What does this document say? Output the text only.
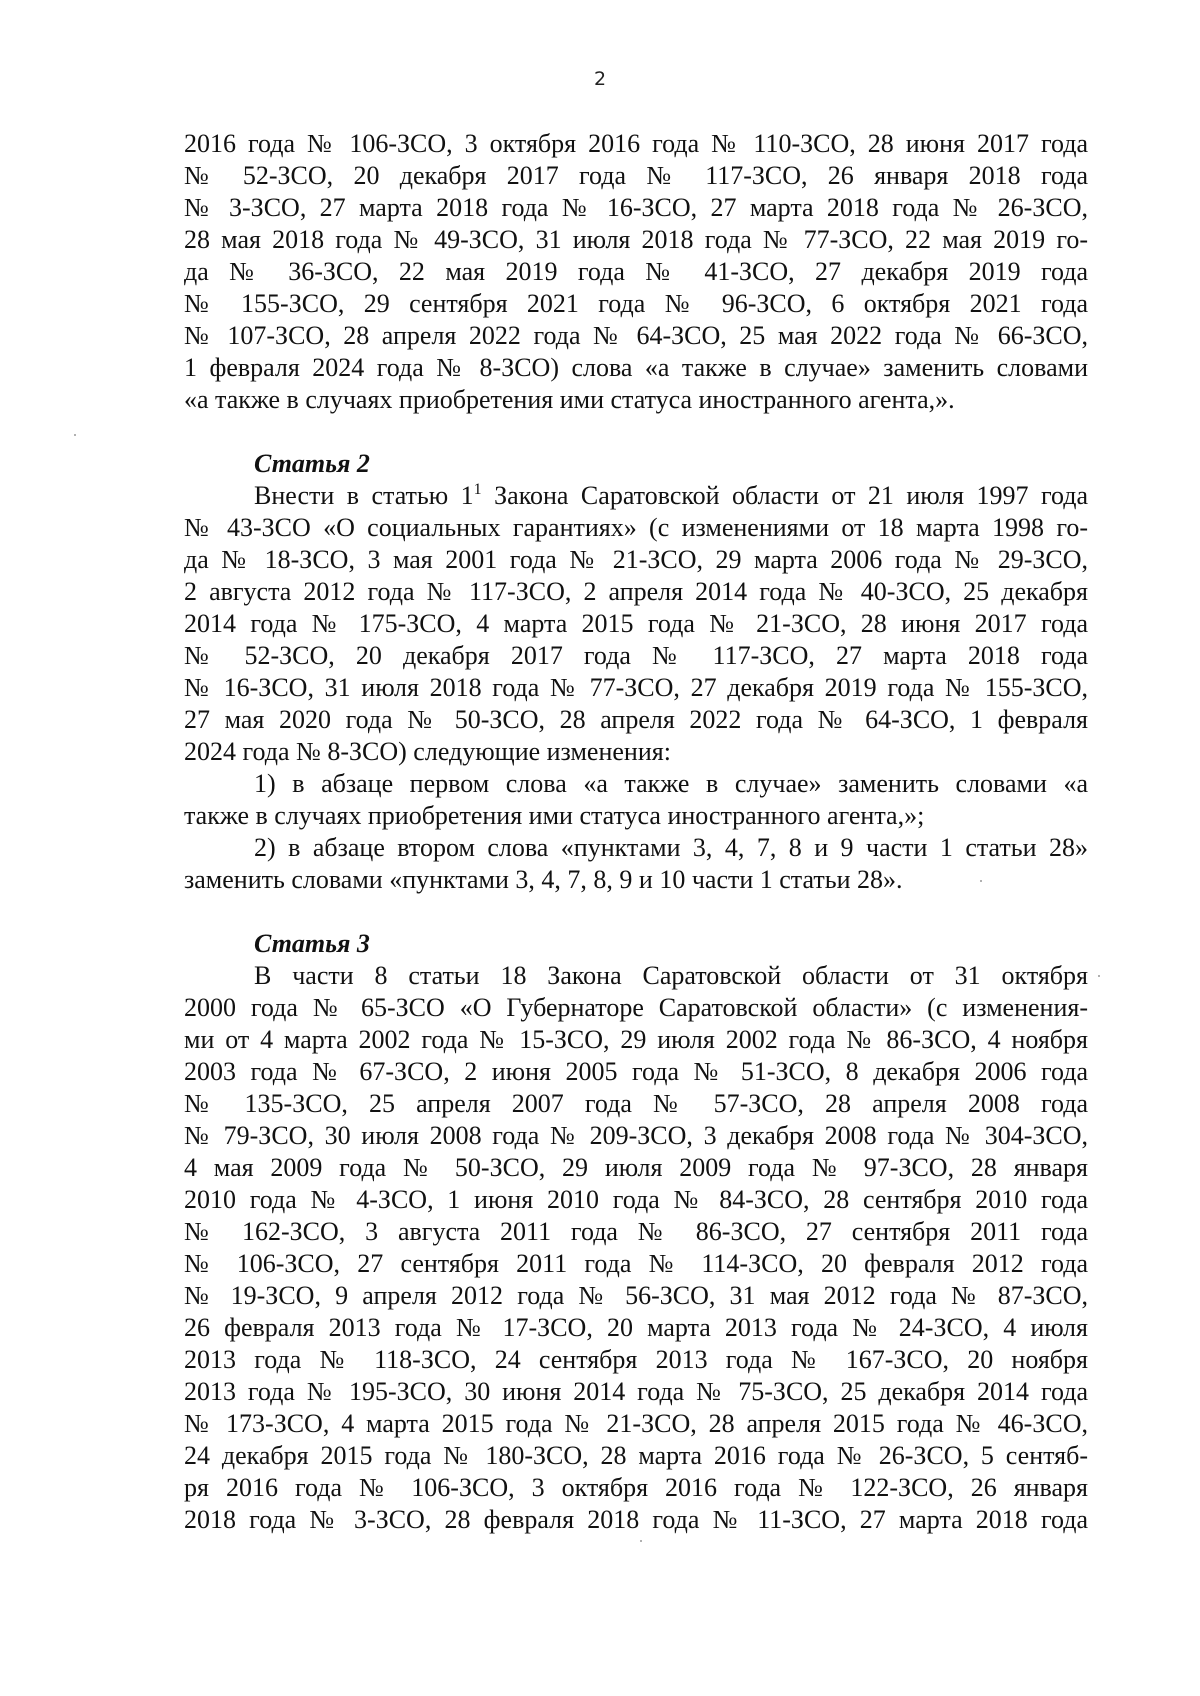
2
2016 года № 106-ЗСО, 3 октября 2016 года № 110-ЗСО, 28 июня 2017 года
№ 52-ЗСО, 20 декабря 2017 года № 117-ЗСО, 26 января 2018 года
№ 3-ЗСО, 27 марта 2018 года № 16-ЗСО, 27 марта 2018 года № 26-ЗСО,
28 мая 2018 года № 49-ЗСО, 31 июля 2018 года № 77-ЗСО, 22 мая 2019 го-
да № 36-ЗСО, 22 мая 2019 года № 41-ЗСО, 27 декабря 2019 года
№ 155-ЗСО, 29 сентября 2021 года № 96-ЗСО, 6 октября 2021 года
№ 107-ЗСО, 28 апреля 2022 года № 64-ЗСО, 25 мая 2022 года № 66-ЗСО,
1 февраля 2024 года № 8-ЗСО) слова «а также в случае» заменить словами
«а также в случаях приобретения ими статуса иностранного агента,».
Статья 2
Внести в статью $1^1$ Закона Саратовской области от 21 июля 1997 года
№ 43-ЗСО «О социальных гарантиях» (с изменениями от 18 марта 1998 го-
да № 18-ЗСО, 3 мая 2001 года № 21-ЗСО, 29 марта 2006 года № 29-ЗСО,
2 августа 2012 года № 117-ЗСО, 2 апреля 2014 года № 40-ЗСО, 25 декабря
2014 года № 175-ЗСО, 4 марта 2015 года № 21-ЗСО, 28 июня 2017 года
№ 52-ЗСО, 20 декабря 2017 года № 117-ЗСО, 27 марта 2018 года
№ 16-ЗСО, 31 июля 2018 года № 77-ЗСО, 27 декабря 2019 года № 155-ЗСО,
27 мая 2020 года № 50-ЗСО, 28 апреля 2022 года № 64-ЗСО, 1 февраля
2024 года № 8-ЗСО) следующие изменения:
1) в абзаце первом слова «а также в случае» заменить словами «а
также в случаях приобретения ими статуса иностранного агента,»;
2) в абзаце втором слова «пунктами 3, 4, 7, 8 и 9 части 1 статьи 28»
заменить словами «пунктами 3, 4, 7, 8, 9 и 10 части 1 статьи 28».
Статья 3
В части 8 статьи 18 Закона Саратовской области от 31 октября
2000 года № 65-ЗСО «О Губернаторе Саратовской области» (с изменения-
ми от 4 марта 2002 года № 15-ЗСО, 29 июля 2002 года № 86-ЗСО, 4 ноября
2003 года № 67-ЗСО, 2 июня 2005 года № 51-ЗСО, 8 декабря 2006 года
№ 135-ЗСО, 25 апреля 2007 года № 57-ЗСО, 28 апреля 2008 года
№ 79-ЗСО, 30 июля 2008 года № 209-ЗСО, 3 декабря 2008 года № 304-ЗСО,
4 мая 2009 года № 50-ЗСО, 29 июля 2009 года № 97-ЗСО, 28 января
2010 года № 4-ЗСО, 1 июня 2010 года № 84-ЗСО, 28 сентября 2010 года
№ 162-ЗСО, 3 августа 2011 года № 86-ЗСО, 27 сентября 2011 года
№ 106-ЗСО, 27 сентября 2011 года № 114-ЗСО, 20 февраля 2012 года
№ 19-ЗСО, 9 апреля 2012 года № 56-ЗСО, 31 мая 2012 года № 87-ЗСО,
26 февраля 2013 года № 17-ЗСО, 20 марта 2013 года № 24-ЗСО, 4 июля
2013 года № 118-ЗСО, 24 сентября 2013 года № 167-ЗСО, 20 ноября
2013 года № 195-ЗСО, 30 июня 2014 года № 75-ЗСО, 25 декабря 2014 года
№ 173-ЗСО, 4 марта 2015 года № 21-ЗСО, 28 апреля 2015 года № 46-ЗСО,
24 декабря 2015 года № 180-ЗСО, 28 марта 2016 года № 26-ЗСО, 5 сентяб-
ря 2016 года № 106-ЗСО, 3 октября 2016 года № 122-ЗСО, 26 января
2018 года № 3-ЗСО, 28 февраля 2018 года № 11-ЗСО, 27 марта 2018 года
